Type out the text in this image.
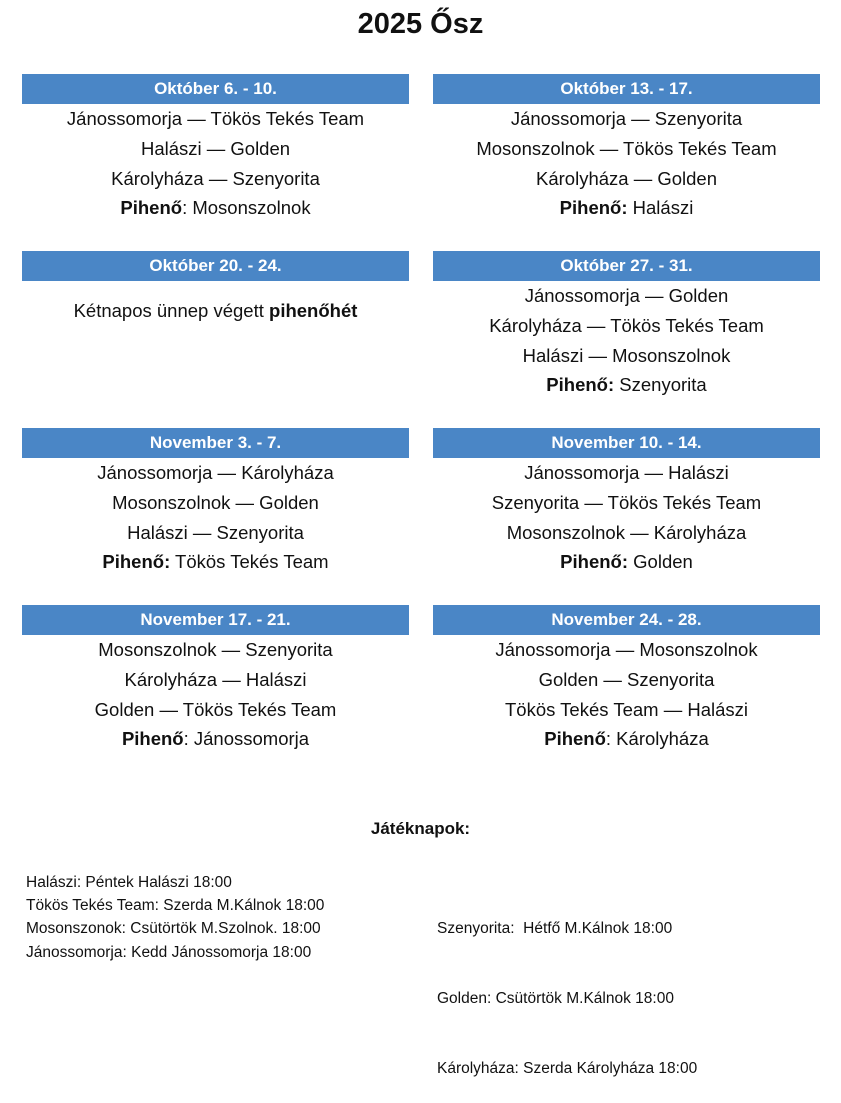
2025 Ősz
Október 6. - 10.
Jánossomorja — Tökös Tekés Team
Halászi — Golden
Károlyháza — Szenyorita
Pihenő: Mosonszolnok
Október 13. - 17.
Jánossomorja — Szenyorita
Mosonszolnok — Tökös Tekés Team
Károlyháza — Golden
Pihenő: Halászi
Október 20. - 24.
Kétnapos ünnep végett pihenőhét
Október 27. - 31.
Jánossomorja — Golden
Károlyháza — Tökös Tekés Team
Halászi — Mosonszolnok
Pihenő: Szenyorita
November 3. - 7.
Jánossomorja — Károlyháza
Mosonszolnok — Golden
Halászi — Szenyorita
Pihenő: Tökös Tekés Team
November 10. - 14.
Jánossomorja — Halászi
Szenyorita — Tökös Tekés Team
Mosonszolnok — Károlyháza
Pihenő: Golden
November 17. - 21.
Mosonszolnok — Szenyorita
Károlyháza — Halászi
Golden — Tökös Tekés Team
Pihenő: Jánossomorja
November 24. - 28.
Jánossomorja — Mosonszolnok
Golden — Szenyorita
Tökös Tekés Team — Halászi
Pihenő: Károlyháza
Játéknapok:
Halászi: Péntek Halászi 18:00
Tökös Tekés Team: Szerda M.Kálnok 18:00
Mosonszonok: Csütörtök M.Szolnok. 18:00
Jánossomorja: Kedd Jánossomorja 18:00

Szenyorita:  Hétfő M.Kálnok 18:00

Golden: Csütörtök M.Kálnok 18:00

Károlyháza: Szerda Károlyháza 18:00
